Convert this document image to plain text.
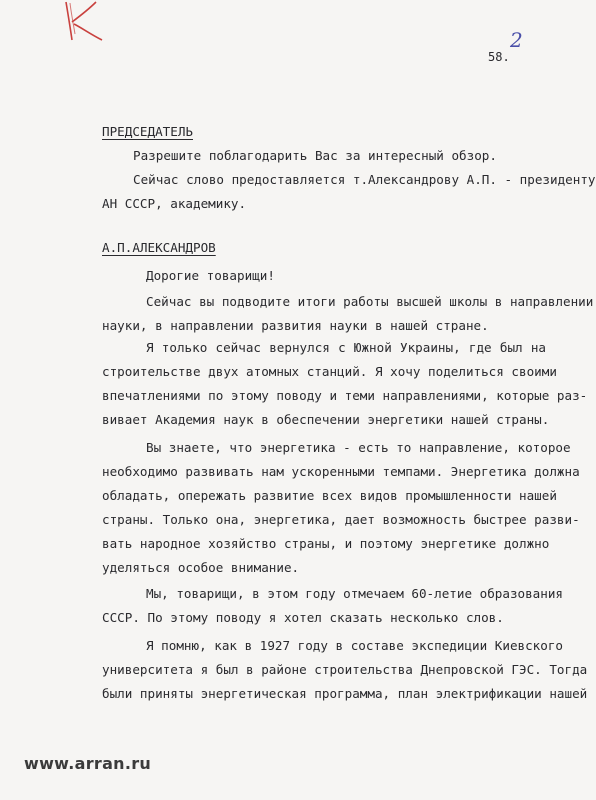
2
58.
ПРЕДСЕДАТЕЛЬ
Разрешите поблагодарить Вас за интересный обзор.
Сейчас слово предоставляется т.Александрову А.П. - президенту
АН СССР, академику.
А.П.АЛЕКСАНДРОВ
Дорогие товарищи!
Сейчас вы подводите итоги работы высшей школы в направлении
науки, в направлении развития науки в нашей стране.
Я только сейчас вернулся с Южной Украины, где был на
строительстве двух атомных станций. Я хочу поделиться своими
впечатлениями по этому поводу и теми направлениями, которые раз-
вивает Академия наук в обеспечении энергетики нашей страны.
Вы знаете, что энергетика - есть то направление, которое
необходимо развивать нам ускоренными темпами. Энергетика должна
обладать, опережать развитие всех видов промышленности нашей
страны. Только она, энергетика, дает возможность быстрее разви-
вать народное хозяйство страны, и поэтому энергетике должно
уделяться особое внимание.
Мы, товарищи, в этом году отмечаем 60-летие образования
СССР. По этому поводу я хотел сказать несколько слов.
Я помню, как в 1927 году в составе экспедиции Киевского
университета я был в районе строительства Днепровской ГЭС. Тогда
были приняты энергетическая программа, план электрификации нашей
www.arran.ru
